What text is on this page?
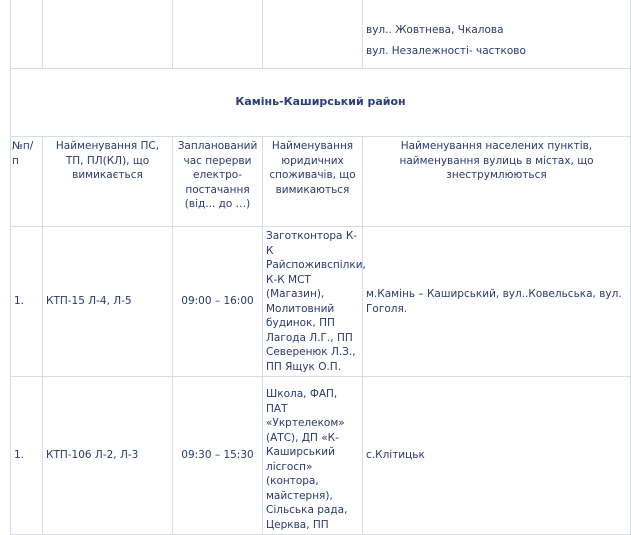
				вул.. Жовтнева, Чкалова
вул. Незалежності- частково

Камінь-Каширський район				
№п/п	Найменування ПС, ТП, ПЛ(КЛ), що вимикається	Запланований час перерви електро-постачання (від... до …)	Найменування юридичних споживачів, що вимикаються	Найменування населених пунктів, найменування вулиць в містах, що знеструмлюються
1.	КТП-15 Л-4, Л-5	09:00 – 16:00	Заготконтора К-К Райспоживспілки, К-К МСТ (Магазин), Молитовний будинок, ПП Лагода Л.Г., ПП Северенюк Л.З., ПП Ящук О.П.	м.Камінь – Каширський, вул..Ковельська, вул. Гоголя.
1.	КТП-106 Л-2, Л-3	09:30 – 15:30	Школа, ФАП, ПАТ «Укртелеком» (АТС), ДП «К-Каширський лісгосп» (контора, майстерня), Сільська рада, Церква, ПП	с.Клітицьк
